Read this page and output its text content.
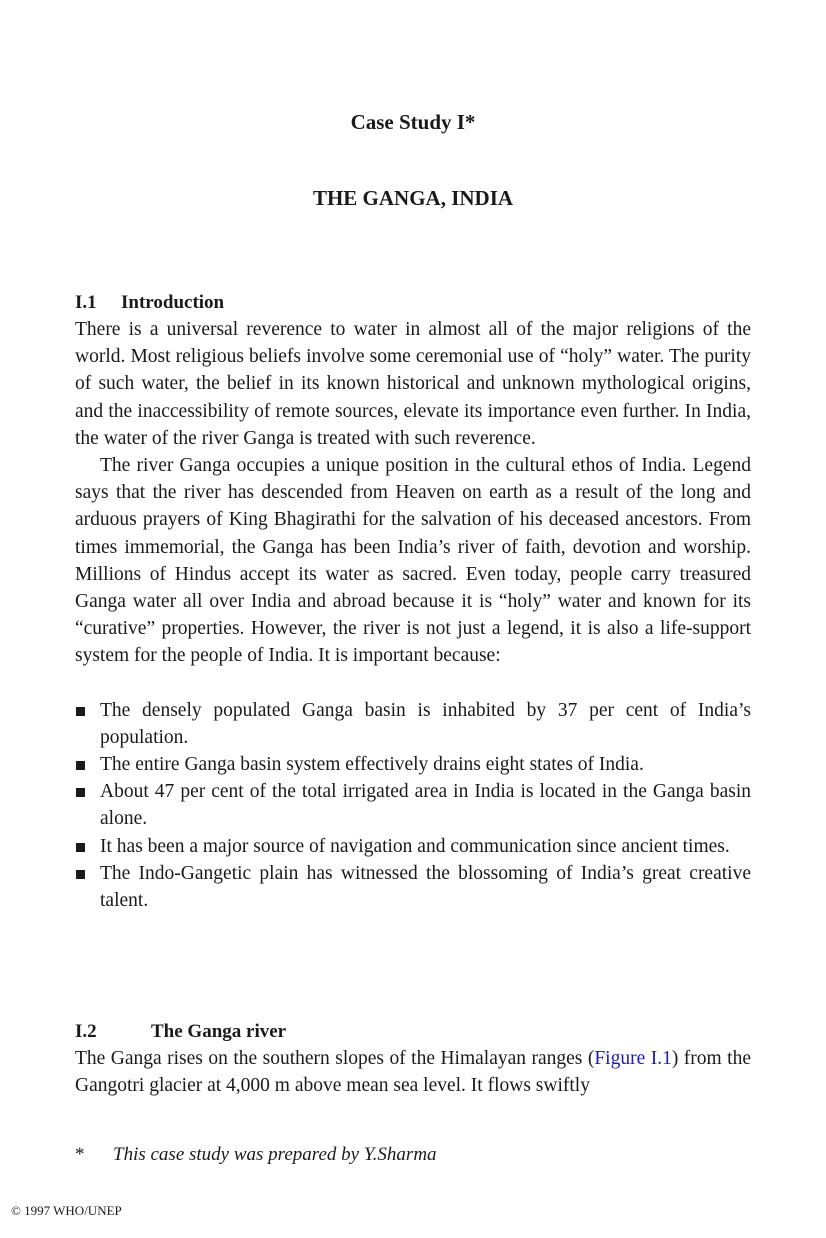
Case Study I*
THE GANGA, INDIA
I.1 Introduction

There is a universal reverence to water in almost all of the major religions of the world. Most religious beliefs involve some ceremonial use of “holy” water. The purity of such water, the belief in its known historical and unknown mythological origins, and the inaccessibility of remote sources, elevate its importance even further. In India, the water of the river Ganga is treated with such reverence.

The river Ganga occupies a unique position in the cultural ethos of India. Legend says that the river has descended from Heaven on earth as a result of the long and arduous prayers of King Bhagirathi for the salvation of his deceased ancestors. From times immemorial, the Ganga has been India’s river of faith, devotion and worship. Millions of Hindus accept its water as sacred. Even today, people carry treasured Ganga water all over India and abroad because it is “holy” water and known for its “curative” properties. However, the river is not just a legend, it is also a life-support system for the people of India. It is important because:

The densely populated Ganga basin is inhabited by 37 per cent of India’s population.
The entire Ganga basin system effectively drains eight states of India.
About 47 per cent of the total irrigated area in India is located in the Ganga basin alone.
It has been a major source of navigation and communication since ancient times.
The Indo-Gangetic plain has witnessed the blossoming of India’s great creative talent.
I.2	The Ganga river

The Ganga rises on the southern slopes of the Himalayan ranges (Figure I.1) from the Gangotri glacier at 4,000 m above mean sea level. It flows swiftly

* This case study was prepared by Y.Sharma
© 1997 WHO/UNEP
